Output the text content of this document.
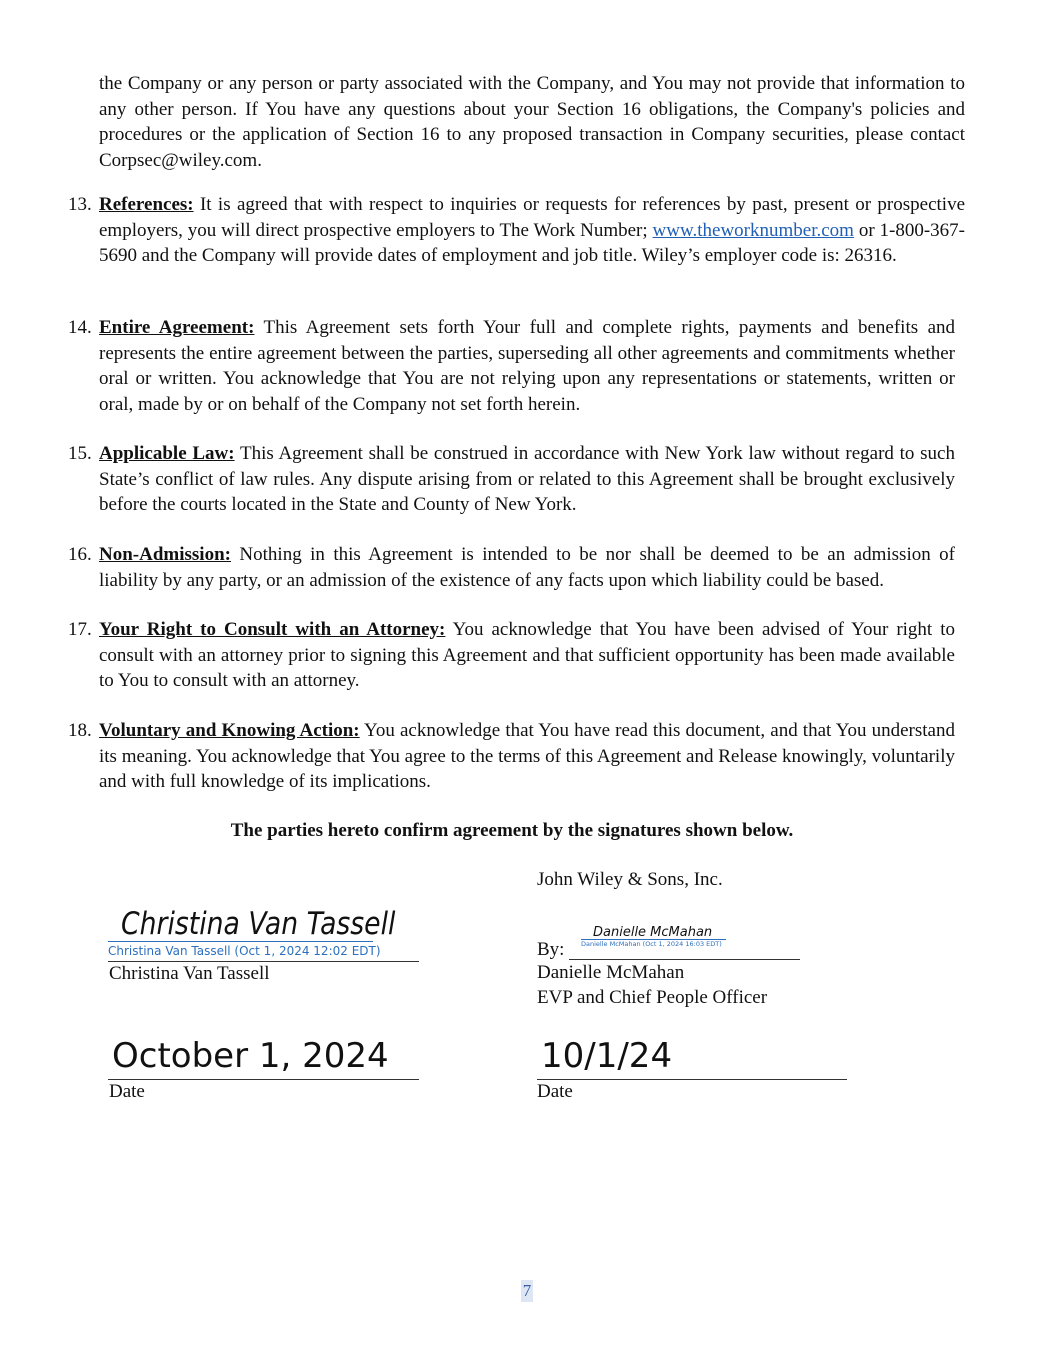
the Company or any person or party associated with the Company, and You may not provide that information to any other person. If You have any questions about your Section 16 obligations, the Company's policies and procedures or the application of Section 16 to any proposed transaction in Company securities, please contact Corpsec@wiley.com.
13. References: It is agreed that with respect to inquiries or requests for references by past, present or prospective employers, you will direct prospective employers to The Work Number; www.theworknumber.com or 1-800-367-5690 and the Company will provide dates of employment and job title. Wiley’s employer code is: 26316.
14. Entire Agreement: This Agreement sets forth Your full and complete rights, payments and benefits and represents the entire agreement between the parties, superseding all other agreements and commitments whether oral or written. You acknowledge that You are not relying upon any representations or statements, written or oral, made by or on behalf of the Company not set forth herein.
15. Applicable Law: This Agreement shall be construed in accordance with New York law without regard to such State’s conflict of law rules. Any dispute arising from or related to this Agreement shall be brought exclusively before the courts located in the State and County of New York.
16. Non-Admission: Nothing in this Agreement is intended to be nor shall be deemed to be an admission of liability by any party, or an admission of the existence of any facts upon which liability could be based.
17. Your Right to Consult with an Attorney: You acknowledge that You have been advised of Your right to consult with an attorney prior to signing this Agreement and that sufficient opportunity has been made available to You to consult with an attorney.
18. Voluntary and Knowing Action: You acknowledge that You have read this document, and that You understand its meaning. You acknowledge that You agree to the terms of this Agreement and Release knowingly, voluntarily and with full knowledge of its implications.
The parties hereto confirm agreement by the signatures shown below.
John Wiley & Sons, Inc.
Christina Van Tassell
Christina Van Tassell (Oct 1, 2024 12:02 EDT)
Christina Van Tassell
October 1, 2024
Date
Danielle McMahan
Danielle McMahan (Oct 1, 2024 16:03 EDT)
By:
Danielle McMahan
EVP and Chief People Officer
10/1/24
Date
7
